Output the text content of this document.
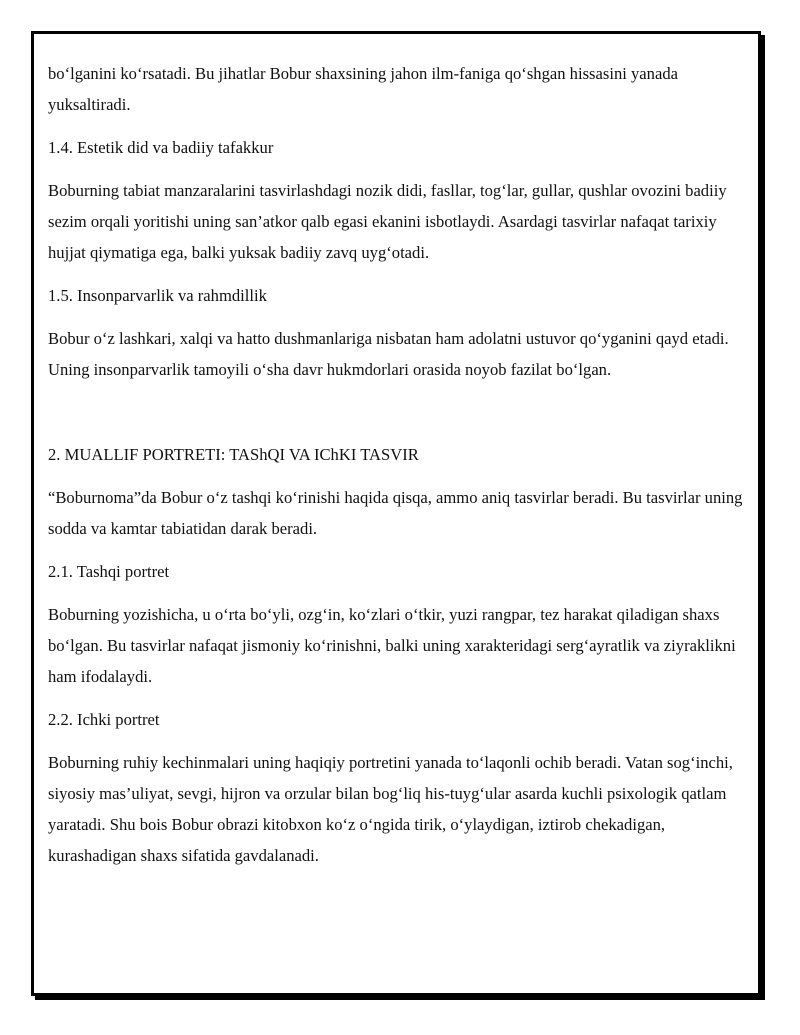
bo‘lganini ko‘rsatadi. Bu jihatlar Bobur shaxsining jahon ilm-faniga qo‘shgan hissasini yanada yuksaltiradi.

1.4. Estetik did va badiiy tafakkur

Boburning tabiat manzaralarini tasvirlashdagi nozik didi, fasllar, tog‘lar, gullar, qushlar ovozini badiiy sezim orqali yoritishi uning san’atkor qalb egasi ekanini isbotlaydi. Asardagi tasvirlar nafaqat tarixiy hujjat qiymatiga ega, balki yuksak badiiy zavq uyg‘otadi.

1.5. Insonparvarlik va rahmdillik

Bobur o‘z lashkari, xalqi va hatto dushmanlariga nisbatan ham adolatni ustuvor qo‘yganini qayd etadi. Uning insonparvarlik tamoyili o‘sha davr hukmdorlari orasida noyob fazilat bo‘lgan.

2. MUALLIF PORTRETI: TAShQI VA IChKI TASVIR

“Boburnoma”da Bobur o‘z tashqi ko‘rinishi haqida qisqa, ammo aniq tasvirlar beradi. Bu tasvirlar uning sodda va kamtar tabiatidan darak beradi.

2.1. Tashqi portret

Boburning yozishicha, u o‘rta bo‘yli, ozg‘in, ko‘zlari o‘tkir, yuzi rangpar, tez harakat qiladigan shaxs bo‘lgan. Bu tasvirlar nafaqat jismoniy ko‘rinishni, balki uning xarakteridagi serg‘ayratlik va ziyraklikni ham ifodalaydi.

2.2. Ichki portret

Boburning ruhiy kechinmalari uning haqiqiy portretini yanada to‘laqonli ochib beradi. Vatan sog‘inchi, siyosiy mas’uliyat, sevgi, hijron va orzular bilan bog‘liq his-tuyg‘ular asarda kuchli psixologik qatlam yaratadi. Shu bois Bobur obrazi kitobxon ko‘z o‘ngida tirik, o‘ylaydigan, iztirob chekadigan, kurashadigan shaxs sifatida gavdalanadi.
